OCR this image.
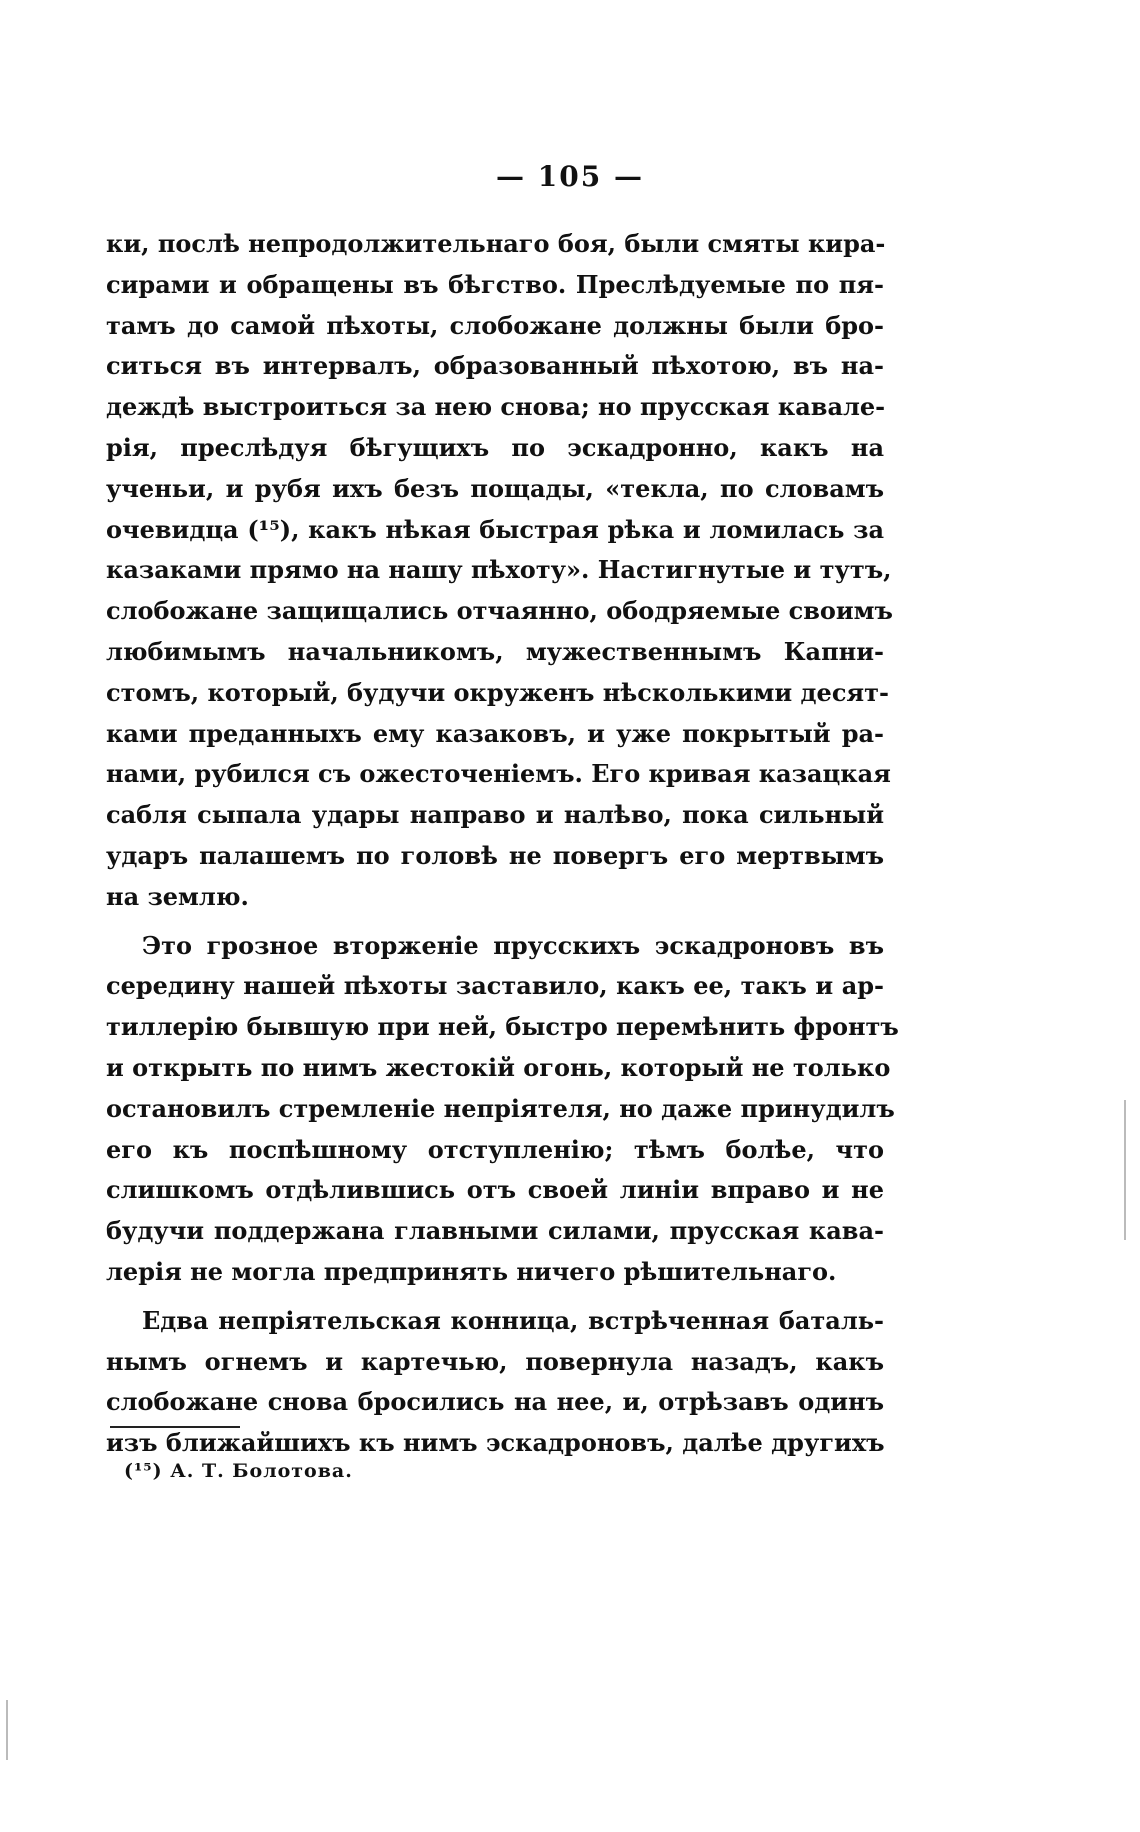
— 105 —
ки, послѣ непродолжительнаго боя, были смяты кира-
сирами и обращены въ бѣгство. Преслѣдуемые по пя-
тамъ до самой пѣхоты, слобожане должны были бро-
ситься въ интервалъ, образованный пѣхотою, въ на-
деждѣ выстроиться за нею снова; но прусская кавале-
рія, преслѣдуя бѣгущихъ по эскадронно, какъ на
ученьи, и рубя ихъ безъ пощады, «текла, по словамъ
очевидца (¹⁵), какъ нѣкая быстрая рѣка и ломилась за
казаками прямо на нашу пѣхоту». Настигнутые и тутъ,
слобожане защищались отчаянно, ободряемые своимъ
любимымъ начальникомъ, мужественнымъ Капни-
стомъ, который, будучи окруженъ нѣсколькими десят-
ками преданныхъ ему казаковъ, и уже покрытый ра-
нами, рубился съ ожесточеніемъ. Его кривая казацкая
сабля сыпала удары направо и налѣво, пока сильный
ударъ палашемъ по головѣ не повергъ его мертвымъ
на землю.
Это грозное вторженіе прусскихъ эскадроновъ въ
середину нашей пѣхоты заставило, какъ ее, такъ и ар-
тиллерію бывшую при ней, быстро перемѣнить фронтъ
и открыть по нимъ жестокій огонь, который не только
остановилъ стремленіе непріятеля, но даже принудилъ
его къ поспѣшному отступленію; тѣмъ болѣе, что
слишкомъ отдѣлившись отъ своей линіи вправо и не
будучи поддержана главными силами, прусская кава-
лерія не могла предпринять ничего рѣшительнаго.
Едва непріятельская конница, встрѣченная баталь-
нымъ огнемъ и картечью, повернула назадъ, какъ
слобожане снова бросились на нее, и, отрѣзавъ одинъ
изъ ближайшихъ къ нимъ эскадроновъ, далѣе другихъ
(¹⁵) А. Т. Болотова.
